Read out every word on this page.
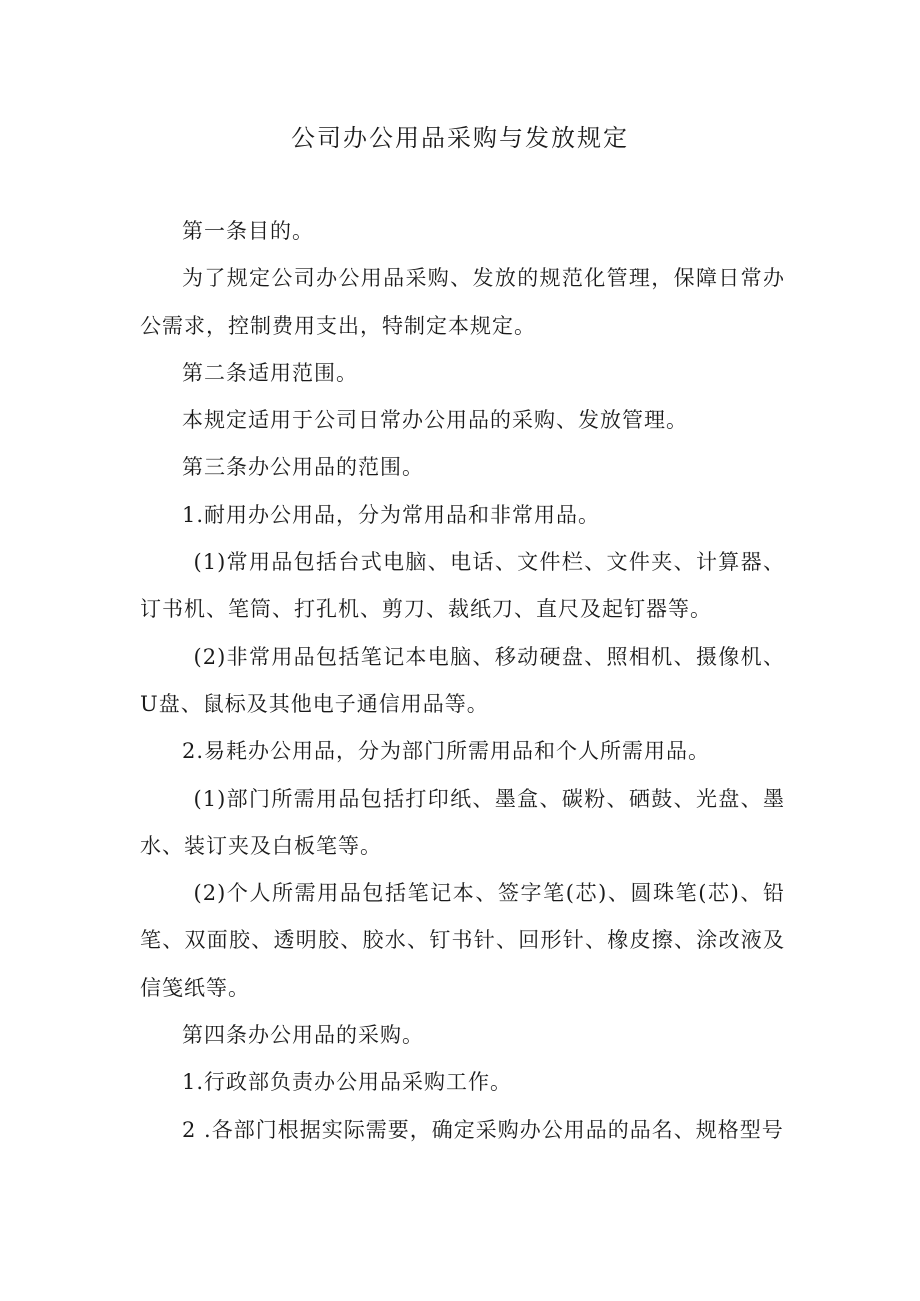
公司办公用品采购与发放规定

第一条目的。

为了规定公司办公用品采购、发放的规范化管理，保障日常办公需求，控制费用支出，特制定本规定。

第二条适用范围。

本规定适用于公司日常办公用品的采购、发放管理。

第三条办公用品的范围。

1.耐用办公用品，分为常用品和非常用品。

(1)常用品包括台式电脑、电话、文件栏、文件夹、计算器、订书机、笔筒、打孔机、剪刀、裁纸刀、直尺及起钉器等。

(2)非常用品包括笔记本电脑、移动硬盘、照相机、摄像机、U盘、鼠标及其他电子通信用品等。

2.易耗办公用品，分为部门所需用品和个人所需用品。

(1)部门所需用品包括打印纸、墨盒、碳粉、硒鼓、光盘、墨水、装订夹及白板笔等。

(2)个人所需用品包括笔记本、签字笔(芯)、圆珠笔(芯)、铅笔、双面胶、透明胶、胶水、钉书针、回形针、橡皮擦、涂改液及信笺纸等。

第四条办公用品的采购。

1.行政部负责办公用品采购工作。

2 .各部门根据实际需要，确定采购办公用品的品名、规格型号
